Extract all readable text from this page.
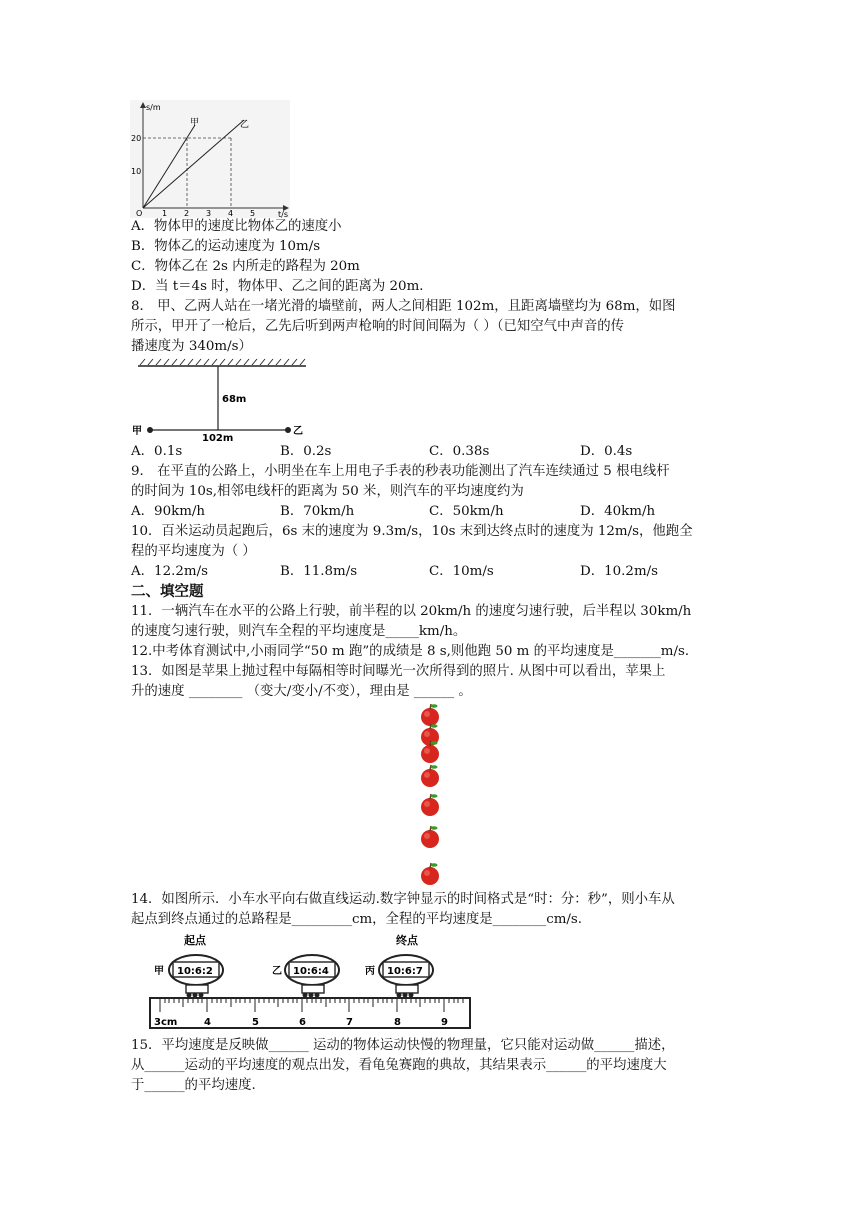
s/m
t/s
O
20
10
1 2 3 4 5
甲	乙
A．物体甲的速度比物体乙的速度小
B．物体乙的运动速度为 10m/s
C．物体乙在 2s 内所走的路程为 20m
D．当 t＝4s 时，物体甲、乙之间的距离为 20m．
8． 甲、乙两人站在一堵光滑的墙壁前，两人之间相距 102m，且距离墙壁均为 68m，如图
所示，甲开了一枪后，乙先后听到两声枪响的时间间隔为（ ）（已知空气中声音的传
播速度为 340m/s）
68m
102m
甲	乙
A．0.1s	B．0.2s	C．0.38s	D．0.4s
9． 在平直的公路上，小明坐在车上用电子手表的秒表功能测出了汽车连续通过 5 根电线杆
的时间为 10s,相邻电线杆的距离为 50 米，则汽车的平均速度约为
A．90km/h	B．70km/h	C．50km/h	D．40km/h
10．百米运动员起跑后，6s 末的速度为 9.3m/s，10s 末到达终点时的速度为 12m/s，他跑全
程的平均速度为（ ）
A．12.2m/s	B．11.8m/s	C．10m/s	D．10.2m/s
二、填空题
11．一辆汽车在水平的公路上行驶，前半程的以 20km/h 的速度匀速行驶，后半程以 30km/h
的速度匀速行驶，则汽车全程的平均速度是_____km/h。
12.中考体育测试中,小雨同学“50 m 跑”的成绩是 8 s,则他跑 50 m 的平均速度是_______m/s．
13．如图是苹果上抛过程中每隔相等时间曝光一次所得到的照片. 从图中可以看出，苹果上
升的速度 ________ （变大/变小/不变），理由是 ______ 。
14．如图所示．小车水平向右做直线运动.数字钟显示的时间格式是“时：分：秒”，则小车从
起点到终点通过的总路程是_________cm，全程的平均速度是________cm/s.
3cm	4	5	6	7	8	9
起点	终点
10:6:2
甲	10:6:4
乙	10:6:7
丙
15．平均速度是反映做______ 运动的物体运动快慢的物理量，它只能对运动做______描述，
从______运动的平均速度的观点出发，看龟兔赛跑的典故，其结果表示______的平均速度大
于______的平均速度.
